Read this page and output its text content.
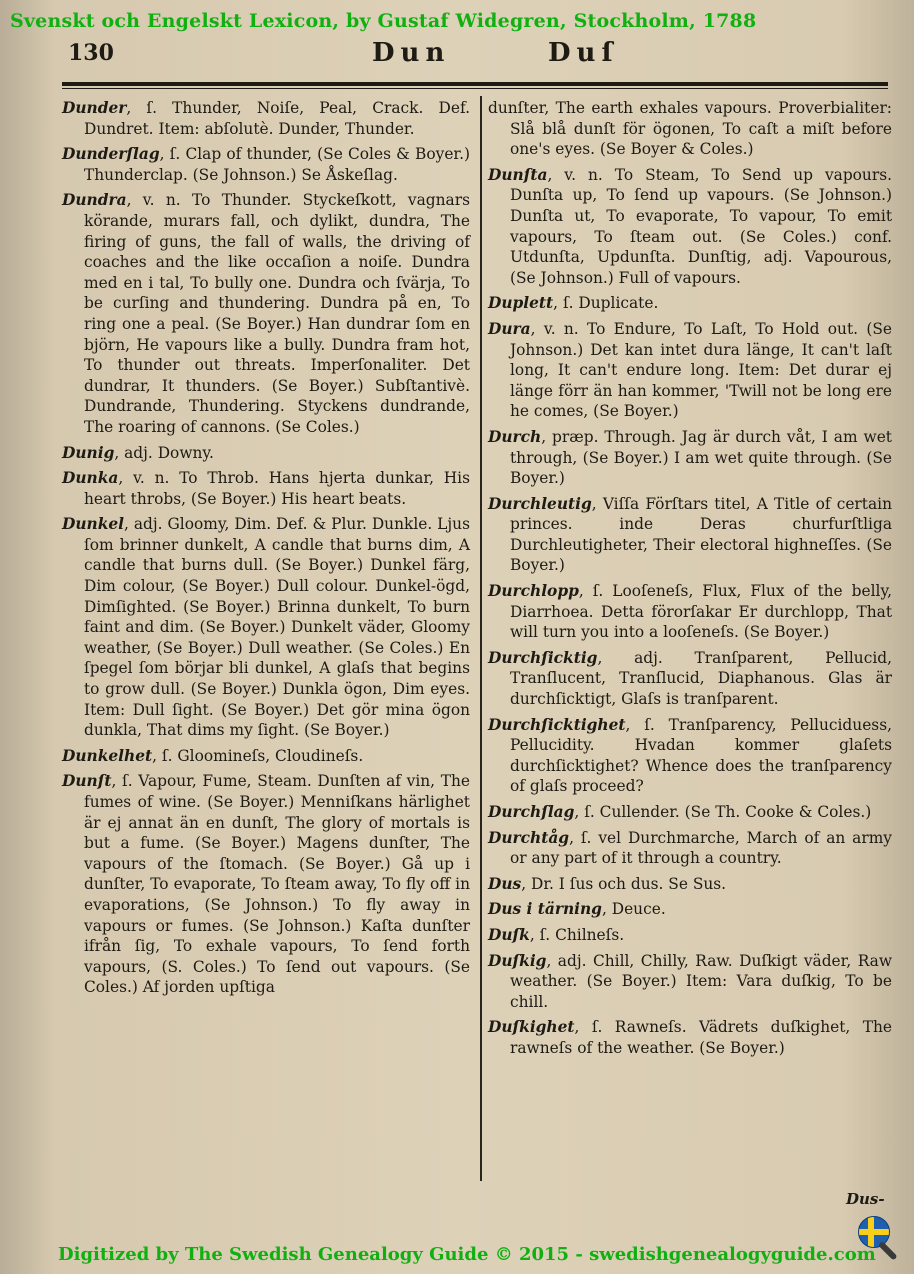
Svenskt och Engelskt Lexicon, by Gustaf Widegren, Stockholm, 1788
130	Dun	Duſ

Dunder, ſ. Thunder, Noiſe, Peal, Crack. Def. Dundret. Item: abſolutè. Dunder, Thunder.

Dunderſlag, ſ. Clap of thunder, (Se Coles & Boyer.) Thunderclap. (Se Johnson.) Se Åskeſlag.

Dundra, v. n. To Thunder. Styckeſkott, vagnars körande, murars fall, och dylikt, dundra, The firing of guns, the fall of walls, the driving of coaches and the like occaſion a noiſe. Dundra med en i tal, To bully one. Dundra och ſvärja, To be curſing and thundering. Dundra på en, To ring one a peal. (Se Boyer.) Han dundrar ſom en björn, He vapours like a bully. Dundra fram hot, To thunder out threats. Imperſonaliter. Det dundrar, It thunders. (Se Boyer.) Subſtantivè. Dundrande, Thundering. Styckens dundrande, The roaring of cannons. (Se Coles.)

Dunig, adj. Downy.

Dunka, v. n. To Throb. Hans hjerta dunkar, His heart throbs, (Se Boyer.) His heart beats.

Dunkel, adj. Gloomy, Dim. Def. & Plur. Dunkle. Ljus ſom brinner dunkelt, A candle that burns dim, A candle that burns dull. (Se Boyer.) Dunkel färg, Dim colour, (Se Boyer.) Dull colour. Dunkel-ögd, Dimſighted. (Se Boyer.) Brinna dunkelt, To burn faint and dim. (Se Boyer.) Dunkelt väder, Gloomy weather, (Se Boyer.) Dull weather. (Se Coles.) En ſpegel ſom börjar bli dunkel, A glaſs that begins to grow dull. (Se Boyer.) Dunkla ögon, Dim eyes. Item: Dull ſight. (Se Boyer.) Det gör mina ögon dunkla, That dims my ſight. (Se Boyer.)

Dunkelhet, ſ. Gloomineſs, Cloudineſs.

Dunſt, ſ. Vapour, Fume, Steam. Dunſten af vin, The fumes of wine. (Se Boyer.) Menniſkans härlighet är ej annat än en dunſt, The glory of mortals is but a fume. (Se Boyer.) Magens dunſter, The vapours of the ſtomach. (Se Boyer.) Gå up i dunſter, To evaporate, To ſteam away, To fly off in evaporations, (Se Johnson.) To fly away in vapours or fumes. (Se Johnson.) Kaſta dunſter ifrån ſig, To exhale vapours, To ſend forth vapours, (S. Coles.) To ſend out vapours. (Se Coles.) Af jorden upſtiga

dunſter, The earth exhales vapours. Proverbialiter: Slå blå dunſt för ögonen, To caſt a miſt before one's eyes. (Se Boyer & Coles.)

Dunſta, v. n. To Steam, To Send up vapours. Dunſta up, To ſend up vapours. (Se Johnson.) Dunſta ut, To evaporate, To vapour, To emit vapours, To ſteam out. (Se Coles.) conf. Utdunſta, Updunſta. Dunſtig, adj. Vapourous, (Se Johnson.) Full of vapours.

Duplett, ſ. Duplicate.

Dura, v. n. To Endure, To Laſt, To Hold out. (Se Johnson.) Det kan intet dura länge, It can't laſt long, It can't endure long. Item: Det durar ej länge förr än han kommer, 'Twill not be long ere he comes, (Se Boyer.)

Durch, præp. Through. Jag är durch våt, I am wet through, (Se Boyer.) I am wet quite through. (Se Boyer.)

Durchleutig, Viſſa Förſtars titel, A Title of certain princes. inde Deras churfurſtliga Durchleutigheter, Their electoral highneſſes. (Se Boyer.)

Durchlopp, ſ. Looſeneſs, Flux, Flux of the belly, Diarrhoea. Detta förorſakar Er durchlopp, That will turn you into a looſeneſs. (Se Boyer.)

Durchſicktig, adj. Tranſparent, Pellucid, Tranſlucent, Tranſlucid, Diaphanous. Glas är durchſicktigt, Glaſs is tranſparent.

Durchſicktighet, ſ. Tranſparency, Pelluciduess, Pellucidity. Hvadan kommer glaſets durchſicktighet? Whence does the tranſparency of glaſs proceed?

Durchſlag, ſ. Cullender. (Se Th. Cooke & Coles.)

Durchtåg, ſ. vel Durchmarche, March of an army or any part of it through a country.

Dus, Dr. I ſus och dus. Se Sus.

Dus i tärning, Deuce.

Duſk, ſ. Chilneſs.

Duſkig, adj. Chill, Chilly, Raw. Duſkigt väder, Raw weather. (Se Boyer.) Item: Vara duſkig, To be chill.

Duſkighet, ſ. Rawneſs. Vädrets duſkighet, The rawneſs of the weather. (Se Boyer.)

Dus-
Digitized by The Swedish Genealogy Guide © 2015 - swedishgenealogyguide.com
